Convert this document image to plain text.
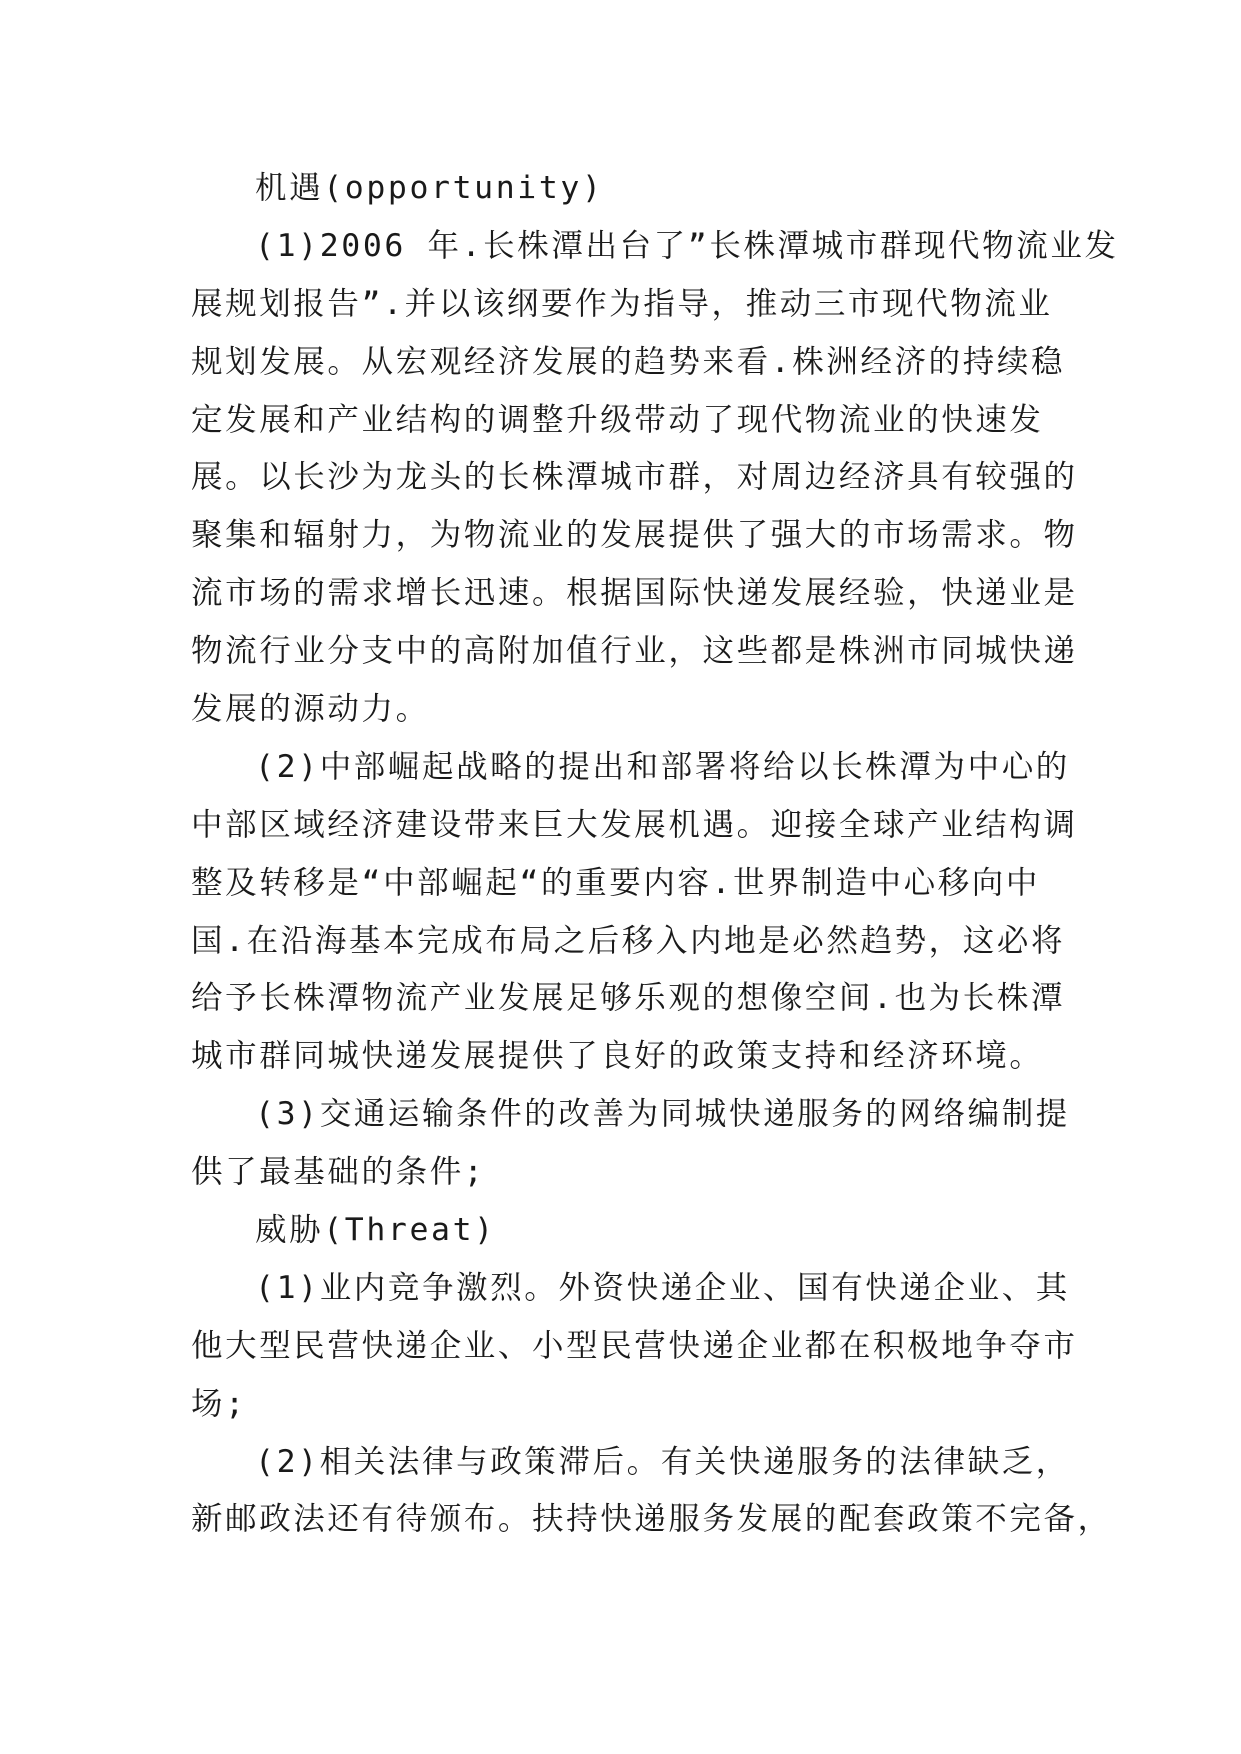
机遇(opportunity)
(1)2006 年.长株潭出台了”长株潭城市群现代物流业发
展规划报告”.并以该纲要作为指导，推动三市现代物流业
规划发展。从宏观经济发展的趋势来看.株洲经济的持续稳
定发展和产业结构的调整升级带动了现代物流业的快速发
展。以长沙为龙头的长株潭城市群，对周边经济具有较强的
聚集和辐射力，为物流业的发展提供了强大的市场需求。物
流市场的需求增长迅速。根据国际快递发展经验，快递业是
物流行业分支中的高附加值行业，这些都是株洲市同城快递
发展的源动力。
(2)中部崛起战略的提出和部署将给以长株潭为中心的
中部区域经济建设带来巨大发展机遇。迎接全球产业结构调
整及转移是“中部崛起“的重要内容.世界制造中心移向中
国.在沿海基本完成布局之后移入内地是必然趋势，这必将
给予长株潭物流产业发展足够乐观的想像空间.也为长株潭
城市群同城快递发展提供了良好的政策支持和经济环境。
(3)交通运输条件的改善为同城快递服务的网络编制提
供了最基础的条件;
威胁(Threat)
(1)业内竞争激烈。外资快递企业、国有快递企业、其
他大型民营快递企业、小型民营快递企业都在积极地争夺市
场;
(2)相关法律与政策滞后。有关快递服务的法律缺乏，
新邮政法还有待颁布。扶持快递服务发展的配套政策不完备，
